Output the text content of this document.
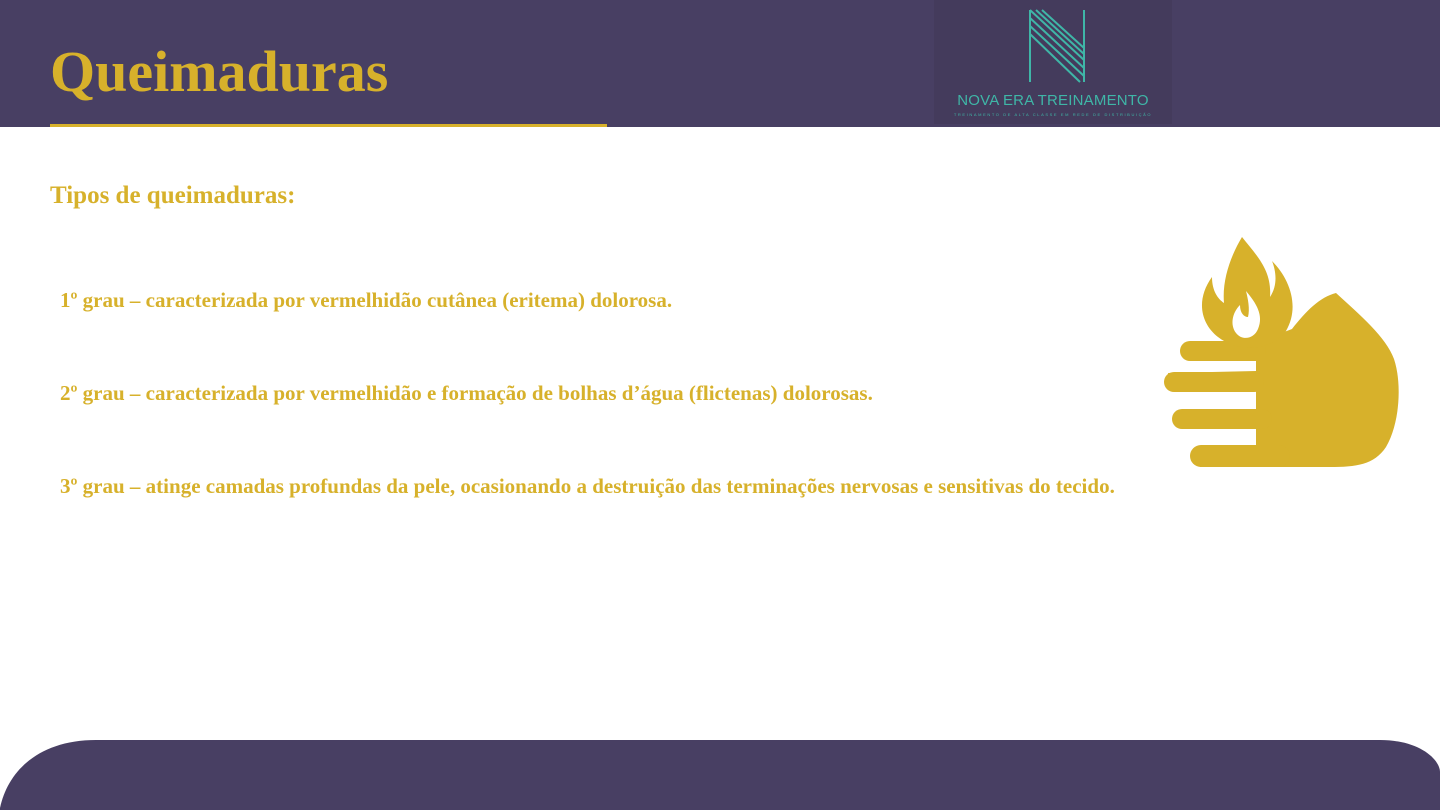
Queimaduras	NOVA ERA TREINAMENTO
TREINAMENTO DE ALTA CLASSE EM REDE DE DISTRIBUIÇÃO
Tipos de queimaduras:

1º grau – caracterizada por vermelhidão cutânea (eritema) dolorosa.

2º grau – caracterizada por vermelhidão e formação de bolhas d’água (flictenas) dolorosas.

3º grau – atinge camadas profundas da pele, ocasionando a destruição das terminações nervosas e sensitivas do tecido.
